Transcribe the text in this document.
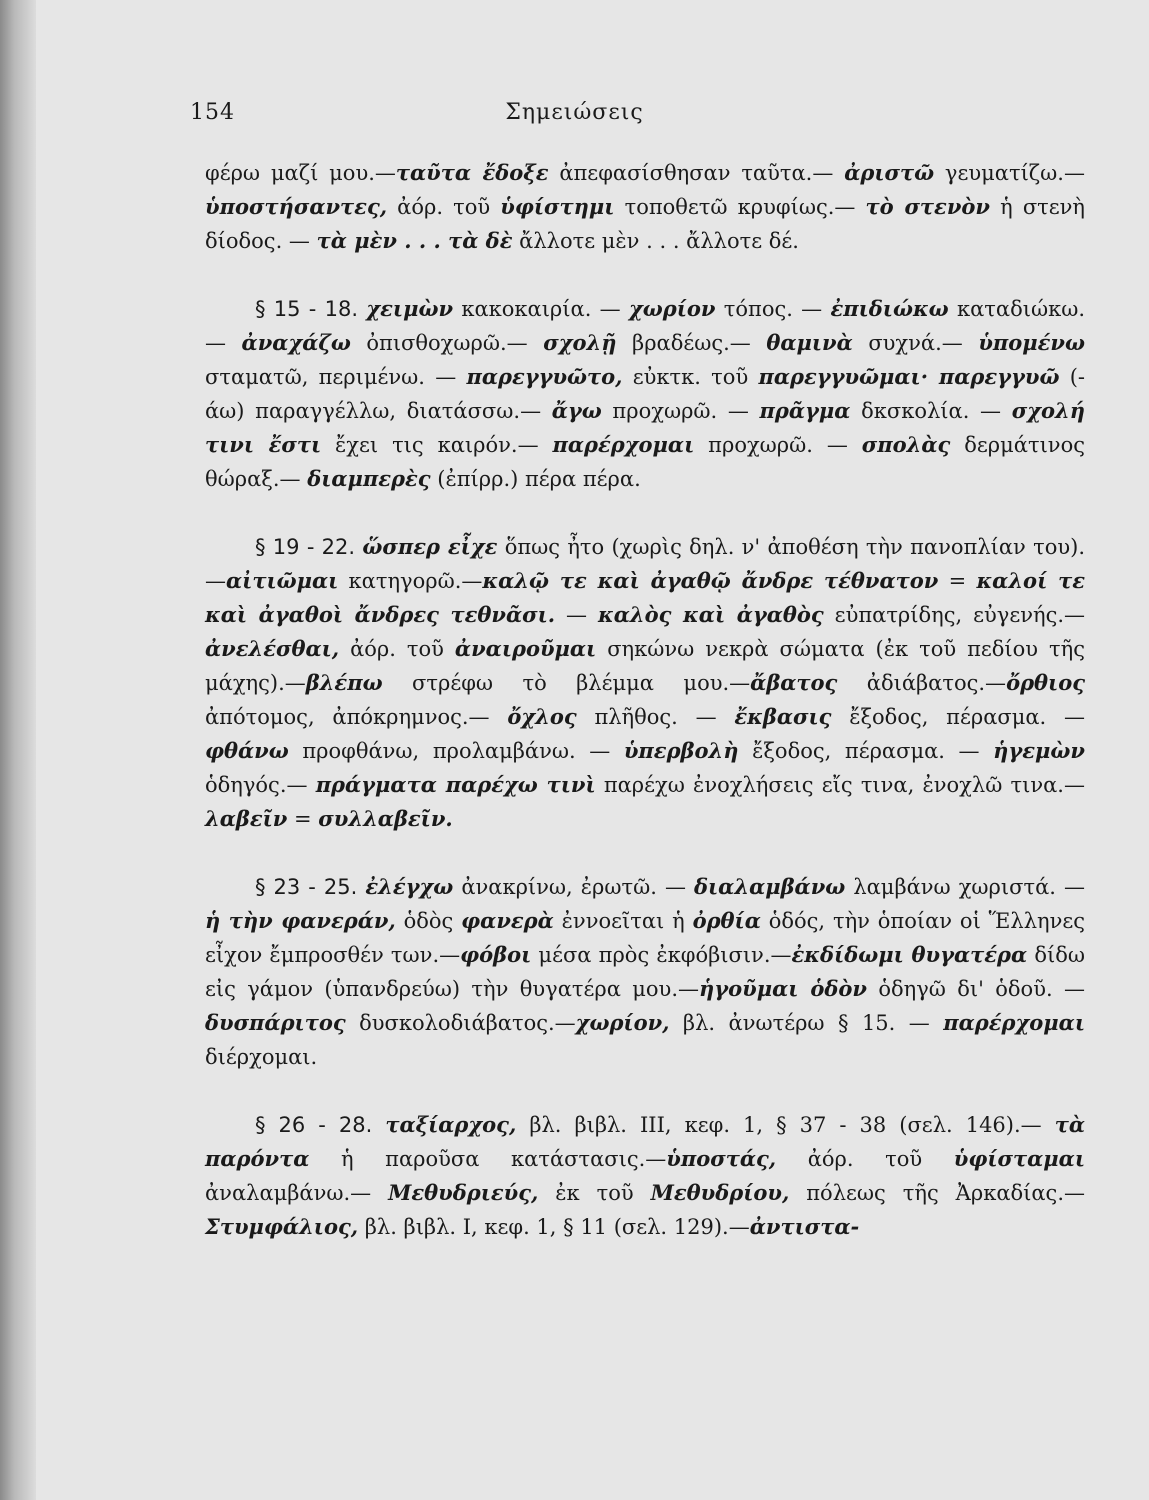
154	Σημειώσεις

φέρω μαζί μου.—ταῦτα ἔδοξε ἀπεφασίσθησαν ταῦτα.— ἀριστῶ γευματίζω.—ὑποστήσαντες, ἀόρ. τοῦ ὑφίστημι τοποθετῶ κρυφίως.— τὸ στενὸν ἡ στενὴ δίοδος. — τὰ μὲν . . . τὰ δὲ ἄλλοτε μὲν . . . ἄλλοτε δέ.

§ 15 - 18. χειμὼν κακοκαιρία. — χωρίον τόπος. — ἐπιδιώκω καταδιώκω. — ἀναχάζω ὀπισθοχωρῶ.— σχολῇ βραδέως.— θαμινὰ συχνά.— ὑπομένω σταματῶ, περιμένω. — παρεγγυῶτο, εὐκτκ. τοῦ παρεγγυῶμαι· παρεγγυῶ (-άω) παραγγέλλω, διατάσσω.— ἄγω προχωρῶ. — πρᾶγμα δκσκολία. — σχολή τινι ἔστι ἔχει τις καιρόν.— παρέρχομαι προχωρῶ. — σπολὰς δερμάτινος θώραξ.— διαμπερὲς (ἐπίρρ.) πέρα πέρα.

§ 19 - 22. ὥσπερ εἶχε ὅπως ἦτο (χωρὶς δηλ. ν' ἀποθέση τὴν πανοπλίαν του).—αἰτιῶμαι κατηγορῶ.—καλῷ τε καὶ ἀγαθῷ ἄνδρε τέθνατον = καλοί τε καὶ ἀγαθοὶ ἄνδρες τεθνᾶσι. — καλὸς καὶ ἀγαθὸς εὐπατρίδης, εὐγενής.—ἀνελέσθαι, ἀόρ. τοῦ ἀναιροῦμαι σηκώνω νεκρὰ σώματα (ἐκ τοῦ πεδίου τῆς μάχης).—βλέπω στρέφω τὸ βλέμμα μου.—ἄβατος ἀδιάβατος.—ὄρθιος ἀπότομος, ἀπόκρημνος.— ὄχλος πλῆθος. — ἔκβασις ἔξοδος, πέρασμα. — φθάνω προφθάνω, προλαμβάνω. — ὑπερβολὴ ἔξοδος, πέρασμα. — ἡγεμὼν ὁδηγός.— πράγματα παρέχω τινὶ παρέχω ἐνοχλήσεις εἴς τινα, ἐνοχλῶ τινα.— λαβεῖν = συλλαβεῖν.

§ 23 - 25. ἐλέγχω ἀνακρίνω, ἐρωτῶ. — διαλαμβάνω λαμβάνω χωριστά. — ἡ τὴν φανεράν, ὁδὸς φανερὰ ἐννοεῖται ἡ ὀρθία ὁδός, τὴν ὁποίαν οἱ Ἕλληνες εἶχον ἔμπροσθέν των.—φόβοι μέσα πρὸς ἐκφόβισιν.—ἐκδίδωμι θυγατέρα δίδω εἰς γάμον (ὑπανδρεύω) τὴν θυγατέρα μου.—ἡγοῦμαι ὁδὸν ὁδηγῶ δι' ὁδοῦ. — δυσπάριτος δυσκολοδιάβατος.—χωρίον, βλ. ἀνωτέρω § 15. — παρέρχομαι διέρχομαι.

§ 26 - 28. ταξίαρχος, βλ. βιβλ. III, κεφ. 1, § 37 - 38 (σελ. 146).— τὰ παρόντα ἡ παροῦσα κατάστασις.—ὑποστάς, ἀόρ. τοῦ ὑφίσταμαι ἀναλαμβάνω.— Μεθυδριεύς, ἐκ τοῦ Μεθυδρίου, πόλεως τῆς Ἀρκαδίας.—Στυμφάλιος, βλ. βιβλ. I, κεφ. 1, § 11 (σελ. 129).—ἀντιστα-
